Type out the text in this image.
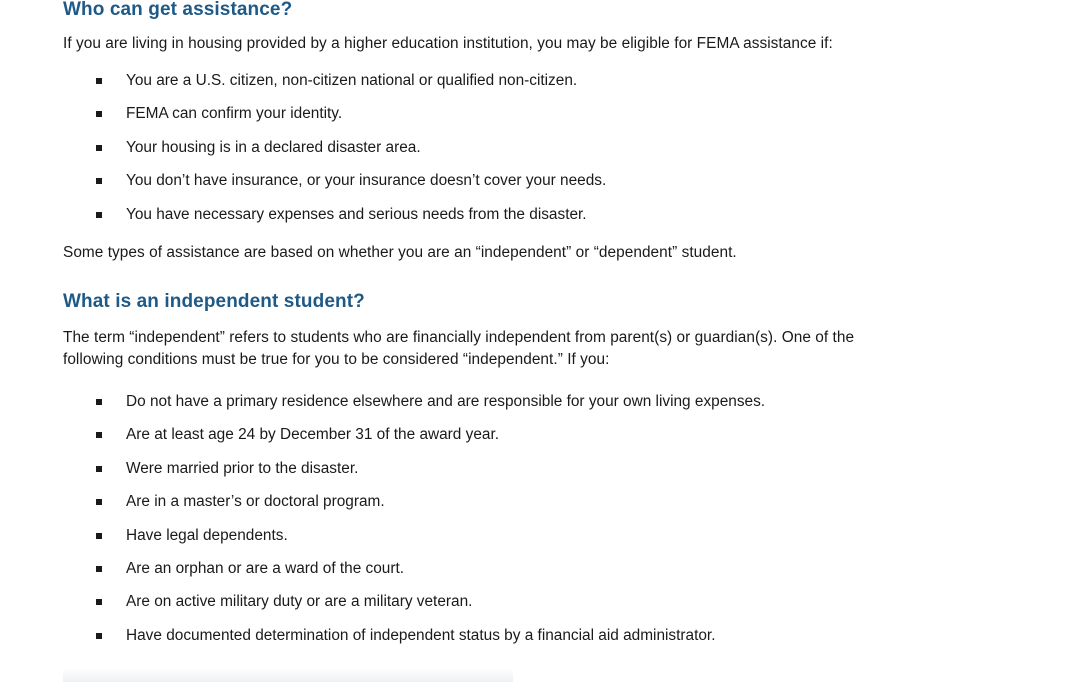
Who can get assistance?

If you are living in housing provided by a higher education institution, you may be eligible for FEMA assistance if:

You are a U.S. citizen, non-citizen national or qualified non-citizen.
FEMA can confirm your identity.
Your housing is in a declared disaster area.
You don’t have insurance, or your insurance doesn’t cover your needs.
You have necessary expenses and serious needs from the disaster.

Some types of assistance are based on whether you are an “independent” or “dependent” student.

What is an independent student?

The term “independent” refers to students who are financially independent from parent(s) or guardian(s). One of the
following conditions must be true for you to be considered “independent.” If you:

Do not have a primary residence elsewhere and are responsible for your own living expenses.
Are at least age 24 by December 31 of the award year.
Were married prior to the disaster.
Are in a master’s or doctoral program.
Have legal dependents.
Are an orphan or are a ward of the court.
Are on active military duty or are a military veteran.
Have documented determination of independent status by a financial aid administrator.
